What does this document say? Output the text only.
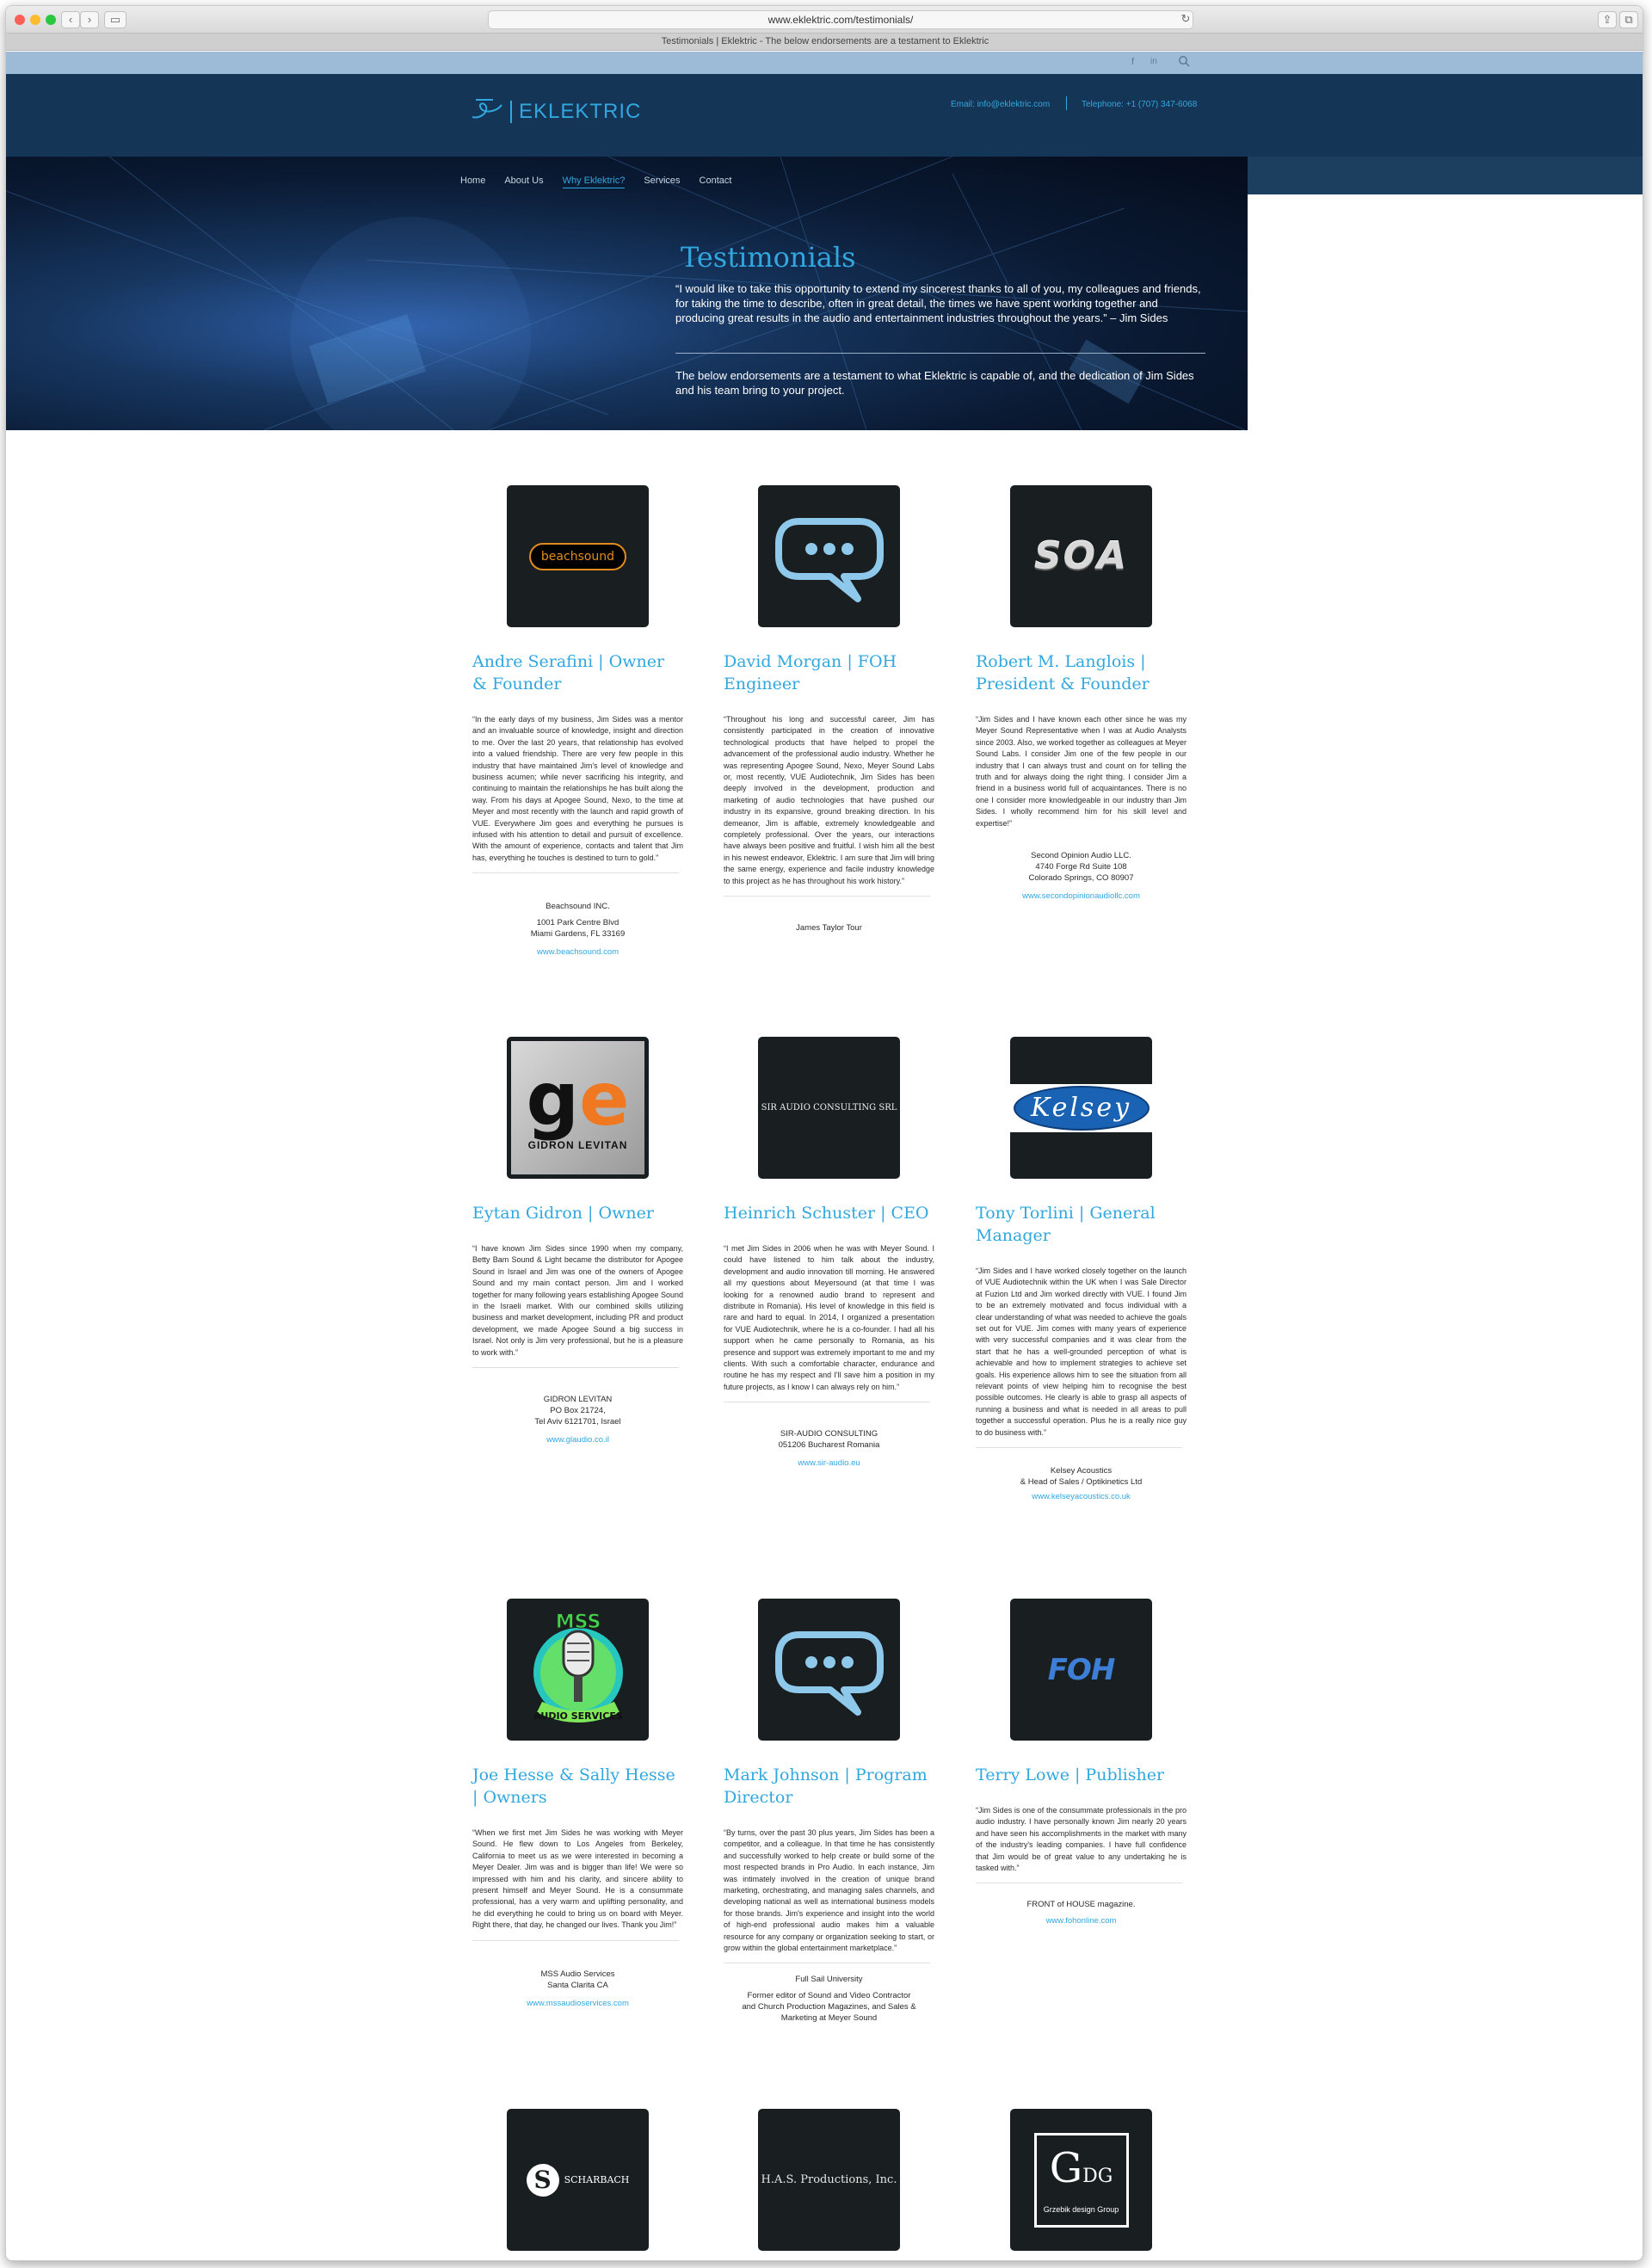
‹	›	▭	www.eklektric.com/testimonials/	↻	⇪	⧉
Testimonials | Eklektric - The below endorsements are a testament to Eklektric
f in
EKLEKTRIC	Email: info@eklektric.com	Telephone: +1 (707) 347-6068
Home About Us Why Eklektric? Services Contact
Testimonials

“I would like to take this opportunity to extend my sincerest thanks to all of you, my colleagues and friends, for taking the time to describe, often in great detail, the times we have spent working together and producing great results in the audio and entertainment industries throughout the years.” – Jim Sides

The below endorsements are a testament to what Eklektric is capable of, and the dedication of Jim Sides and his team bring to your project.

beachsound
Andre Serafini | Owner & Founder

“In the early days of my business, Jim Sides was a mentor and an invaluable source of knowledge, insight and direction to me. Over the last 20 years, that relationship has evolved into a valued friendship. There are very few people in this industry that have maintained Jim's level of knowledge and business acumen; while never sacrificing his integrity, and continuing to maintain the relationships he has built along the way. From his days at Apogee Sound, Nexo, to the time at Meyer and most recently with the launch and rapid growth of VUE. Everywhere Jim goes and everything he pursues is infused with his attention to detail and pursuit of excellence. With the amount of experience, contacts and talent that Jim has, everything he touches is destined to turn to gold.”

Beachsound INC.

1001 Park Centre Blvd

Miami Gardens, FL 33169

www.beachsound.com
David Morgan | FOH Engineer

“Throughout his long and successful career, Jim has consistently participated in the creation of innovative technological products that have helped to propel the advancement of the professional audio industry. Whether he was representing Apogee Sound, Nexo, Meyer Sound Labs or, most recently, VUE Audiotechnik, Jim Sides has been deeply involved in the development, production and marketing of audio technologies that have pushed our industry in its expansive, ground breaking direction. In his demeanor, Jim is affable, extremely knowledgeable and completely professional. Over the years, our interactions have always been positive and fruitful. I wish him all the best in his newest endeavor, Eklektric. I am sure that Jim will bring the same energy, experience and facile industry knowledge to this project as he has throughout his work history.”

James Taylor Tour

SOA
Robert M. Langlois | President & Founder

“Jim Sides and I have known each other since he was my Meyer Sound Representative when I was at Audio Analysts since 2003. Also, we worked together as colleagues at Meyer Sound Labs. I consider Jim one of the few people in our industry that I can always trust and count on for telling the truth and for always doing the right thing. I consider Jim a friend in a business world full of acquaintances. There is no one I consider more knowledgeable in our industry than Jim Sides. I wholly recommend him for his skill level and expertise!”

Second Opinion Audio LLC.

4740 Forge Rd Suite 108

Colorado Springs, CO 80907

www.secondopinionaudiollc.com
ge
GIDRON LEVITAN
Eytan Gidron | Owner

“I have known Jim Sides since 1990 when my company, Betty Bam Sound & Light became the distributor for Apogee Sound in Israel and Jim was one of the owners of Apogee Sound and my main contact person. Jim and I worked together for many following years establishing Apogee Sound in the Israeli market. With our combined skills utilizing business and market development, including PR and product development, we made Apogee Sound a big success in Israel. Not only is Jim very professional, but he is a pleasure to work with.”

GIDRON LEVITAN

PO Box 21724,

Tel Aviv 6121701, Israel

www.glaudio.co.il
SIR AUDIO CONSULTING SRL
Heinrich Schuster | CEO

“I met Jim Sides in 2006 when he was with Meyer Sound. I could have listened to him talk about the industry, development and audio innovation till morning. He answered all my questions about Meyersound (at that time I was looking for a renowned audio brand to represent and distribute in Romania). His level of knowledge in this field is rare and hard to equal. In 2014, I organized a presentation for VUE Audiotechnik, where he is a co-founder. I had all his support when he came personally to Romania, as his presence and support was extremely important to me and my clients. With such a comfortable character, endurance and routine he has my respect and I'll save him a position in my future projects, as I know I can always rely on him.”

SIR-AUDIO CONSULTING

051206 Bucharest Romania

www.sir-audio.eu
Kelsey
Tony Torlini | General Manager

“Jim Sides and I have worked closely together on the launch of VUE Audiotechnik within the UK when I was Sale Director at Fuzion Ltd and Jim worked directly with VUE. I found Jim to be an extremely motivated and focus individual with a clear understanding of what was needed to achieve the goals set out for VUE. Jim comes with many years of experience with very successful companies and it was clear from the start that he has a well-grounded perception of what is achievable and how to implement strategies to achieve set goals. His experience allows him to see the situation from all relevant points of view helping him to recognise the best possible outcomes. He clearly is able to grasp all aspects of running a business and what is needed in all areas to pull together a successful operation. Plus he is a really nice guy to do business with.”

Kelsey Acoustics

& Head of Sales / Optikinetics Ltd

www.kelseyacoustics.co.uk
MSS
AUDIO SERVICES
Joe Hesse & Sally Hesse | Owners

“When we first met Jim Sides he was working with Meyer Sound. He flew down to Los Angeles from Berkeley, California to meet us as we were interested in becoming a Meyer Dealer. Jim was and is bigger than life! We were so impressed with him and his clarity, and sincere ability to present himself and Meyer Sound. He is a consummate professional, has a very warm and uplifting personality, and he did everything he could to bring us on board with Meyer. Right there, that day, he changed our lives. Thank you Jim!”

MSS Audio Services

Santa Clarita CA

www.mssaudioservices.com
Mark Johnson | Program Director

“By turns, over the past 30 plus years, Jim Sides has been a competitor, and a colleague. In that time he has consistently and successfully worked to help create or build some of the most respected brands in Pro Audio. In each instance, Jim was intimately involved in the creation of unique brand marketing, orchestrating, and managing sales channels, and developing national as well as international business models for those brands. Jim's experience and insight into the world of high-end professional audio makes him a valuable resource for any company or organization seeking to start, or grow within the global entertainment marketplace.”

Full Sail University

Former editor of Sound and Video Contractor

and Church Production Magazines, and Sales &

Marketing at Meyer Sound

FOH
Terry Lowe | Publisher

“Jim Sides is one of the consummate professionals in the pro audio industry. I have personally known Jim nearly 20 years and have seen his accomplishments in the market with many of the industry's leading companies. I have full confidence that Jim would be of great value to any undertaking he is tasked with.”

FRONT of HOUSE magazine.

www.fohonline.com
S	SCHARBACH	H.A.S. Productions, Inc.	GDG
Grzebik design Group
